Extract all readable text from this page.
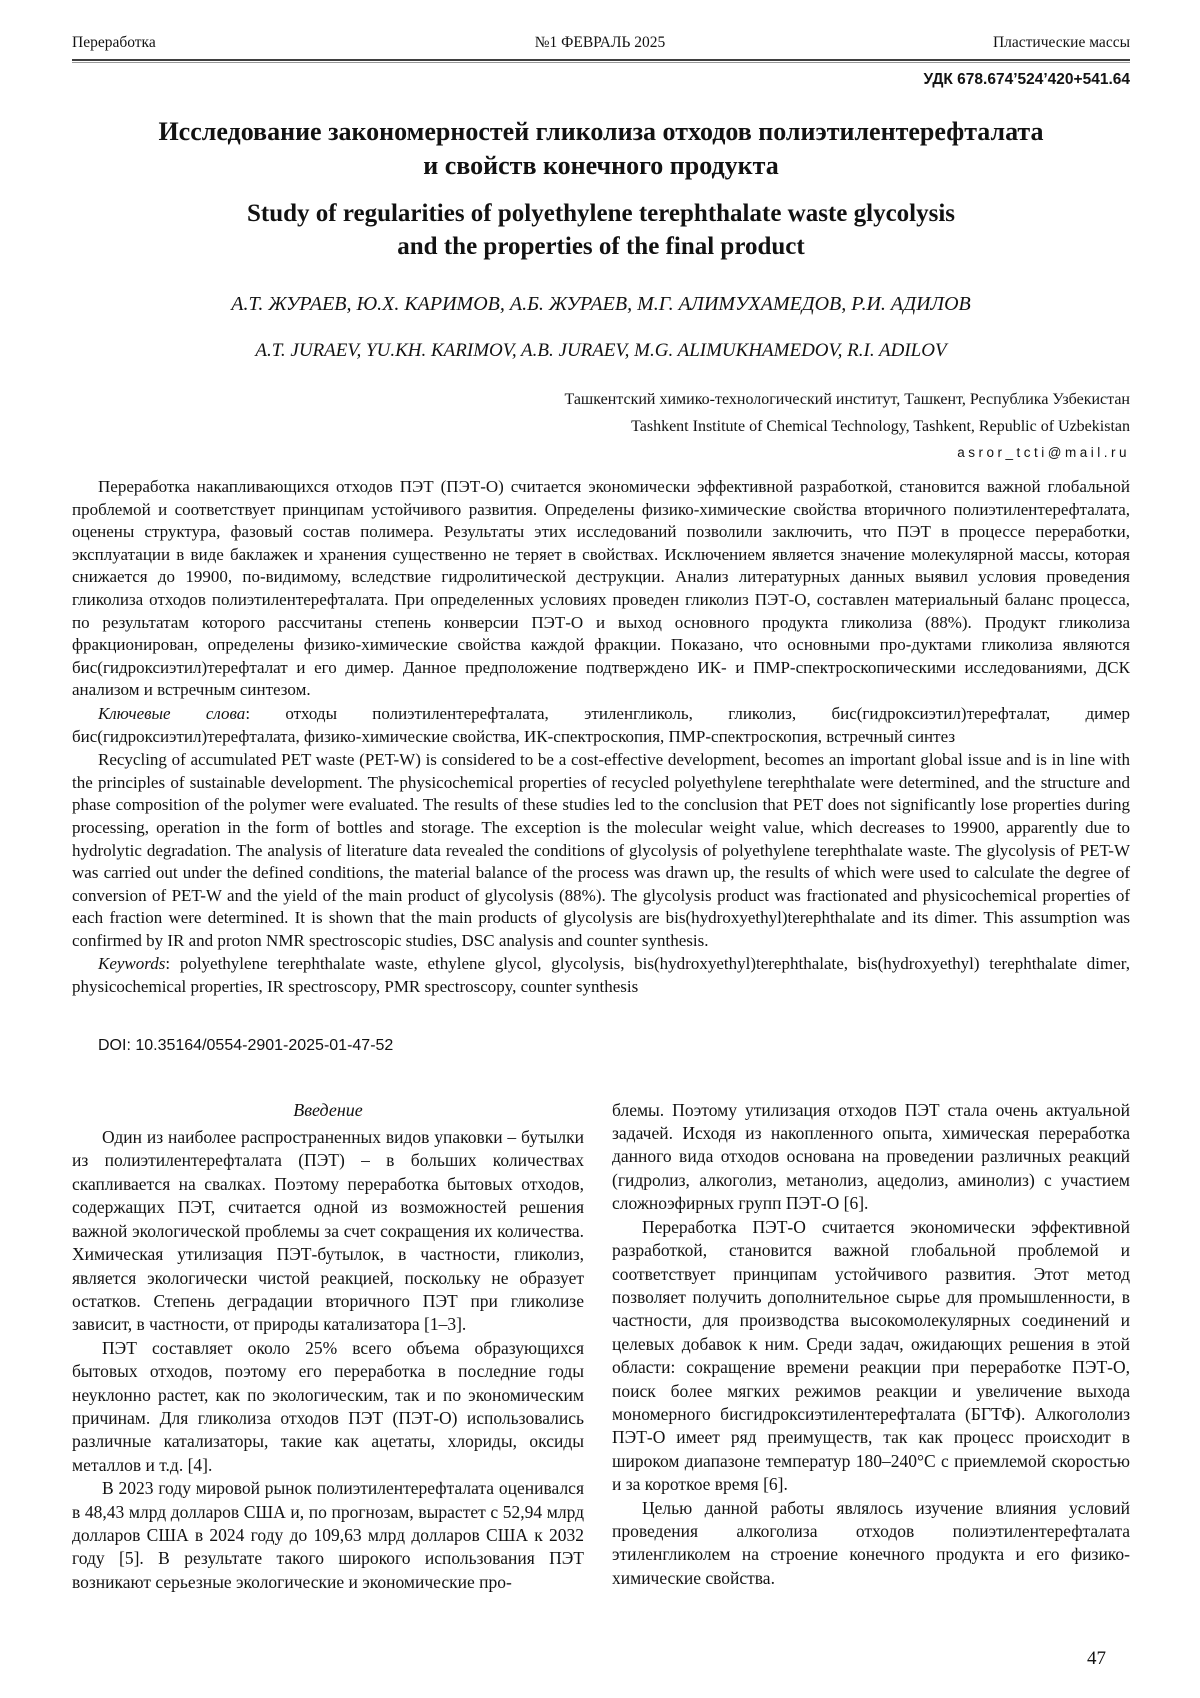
Переработка	№1 ФЕВРАЛЬ 2025	Пластические массы
УДК 678.674’524’420+541.64
Исследование закономерностей гликолиза отходов полиэтилентерефталата
и свойств конечного продукта
Study of regularities of polyethylene terephthalate waste glycolysis
and the properties of the final product
А.Т. ЖУРАЕВ, Ю.Х. КАРИМОВ, А.Б. ЖУРАЕВ, М.Г. АЛИМУХАМЕДОВ, Р.И. АДИЛОВ
A.T. JURAEV, YU.KH. KARIMOV, A.B. JURAEV, M.G. ALIMUKHAMEDOV, R.I. ADILOV
Ташкентский химико-технологический институт, Ташкент, Республика Узбекистан
Tashkent Institute of Chemical Technology, Tashkent, Republic of Uzbekistan
asror_tcti@mail.ru

Переработка накапливающихся отходов ПЭТ (ПЭТ-О) считается экономически эффективной разработкой, становится важной глобальной проблемой и соответствует принципам устойчивого развития. Определены физико-химические свойства вторичного полиэтилентерефталата, оценены структура, фазовый состав полимера. Результаты этих исследований позволили заключить, что ПЭТ в процессе переработки, эксплуатации в виде баклажек и хранения существенно не теряет в свойствах. Исключением является значение молекулярной массы, которая снижается до 19900, по-видимому, вследствие гидролитической деструкции. Анализ литературных данных выявил условия проведения гликолиза отходов полиэтилентерефталата. При определенных условиях проведен гликолиз ПЭТ-О, составлен материальный баланс процесса, по результатам которого рассчитаны степень конверсии ПЭТ-О и выход основного продукта гликолиза (88%). Продукт гликолиза фракционирован, определены физико-химические свойства каждой фракции. Показано, что основными про-дуктами гликолиза являются бис(гидроксиэтил)терефталат и его димер. Данное предположение подтверждено ИК- и ПМР-спектроскопическими исследованиями, ДСК анализом и встречным синтезом.

Ключевые слова: отходы полиэтилентерефталата, этиленгликоль, гликолиз, бис(гидроксиэтил)терефталат, димер бис(гидроксиэтил)терефталата, физико-химические свойства, ИК-спектроскопия, ПМР-спектроскопия, встречный синтез

Recycling of accumulated PET waste (PET-W) is considered to be a cost-effective development, becomes an important global issue and is in line with the principles of sustainable development. The physicochemical properties of recycled polyethylene terephthalate were determined, and the structure and phase composition of the polymer were evaluated. The results of these studies led to the conclusion that PET does not significantly lose properties during processing, operation in the form of bottles and storage. The exception is the molecular weight value, which decreases to 19900, apparently due to hydrolytic degradation. The analysis of literature data revealed the conditions of glycolysis of polyethylene terephthalate waste. The glycolysis of PET-W was carried out under the defined conditions, the material balance of the process was drawn up, the results of which were used to calculate the degree of conversion of PET-W and the yield of the main product of glycolysis (88%). The glycolysis product was fractionated and physicochemical properties of each fraction were determined. It is shown that the main products of glycolysis are bis(hydroxyethyl)terephthalate and its dimer. This assumption was confirmed by IR and proton NMR spectroscopic studies, DSC analysis and counter synthesis.

Keywords: polyethylene terephthalate waste, ethylene glycol, glycolysis, bis(hydroxyethyl)terephthalate, bis(hydroxyethyl) terephthalate dimer, physicochemical properties, IR spectroscopy, PMR spectroscopy, counter synthesis

DOI: 10.35164/0554-2901-2025-01-47-52
Введение

Один из наиболее распространенных видов упаковки – бутылки из полиэтилентерефталата (ПЭТ) – в больших количествах скапливается на свалках. Поэтому переработка бытовых отходов, содержащих ПЭТ, считается одной из возможностей решения важной экологической проблемы за счет сокращения их количества. Химическая утилизация ПЭТ-бутылок, в частности, гликолиз, является экологически чистой реакцией, поскольку не образует остатков. Степень деградации вторичного ПЭТ при гликолизе зависит, в частности, от природы катализатора [1–3].

ПЭТ составляет около 25% всего объема образующихся бытовых отходов, поэтому его переработка в последние годы неуклонно растет, как по экологическим, так и по экономическим причинам. Для гликолиза отходов ПЭТ (ПЭТ-О) использовались различные катализаторы, такие как ацетаты, хлориды, оксиды металлов и т.д. [4].

В 2023 году мировой рынок полиэтилентерефталата оценивался в 48,43 млрд долларов США и, по прогнозам, вырастет с 52,94 млрд долларов США в 2024 году до 109,63 млрд долларов США к 2032 году [5]. В результате такого широкого использования ПЭТ возникают серьезные экологические и экономические про-

блемы. Поэтому утилизация отходов ПЭТ стала очень актуальной задачей. Исходя из накопленного опыта, химическая переработка данного вида отходов основана на проведении различных реакций (гидролиз, алкоголиз, метанолиз, ацедолиз, аминолиз) с участием сложноэфирных групп ПЭТ-О [6].

Переработка ПЭТ-О считается экономически эффективной разработкой, становится важной глобальной проблемой и соответствует принципам устойчивого развития. Этот метод позволяет получить дополнительное сырье для промышленности, в частности, для производства высокомолекулярных соединений и целевых добавок к ним. Среди задач, ожидающих решения в этой области: сокращение времени реакции при переработке ПЭТ-О, поиск более мягких режимов реакции и увеличение выхода мономерного бисгидроксиэтилентерефталата (БГТФ). Алкогололиз ПЭТ-О имеет ряд преимуществ, так как процесс происходит в широком диапазоне температур 180–240°C с приемлемой скоростью и за короткое время [6].

Целью данной работы являлось изучение влияния условий проведения алкоголиза отходов полиэтилентерефталата этиленгликолем на строение конечного продукта и его физико- химические свойства.

47
